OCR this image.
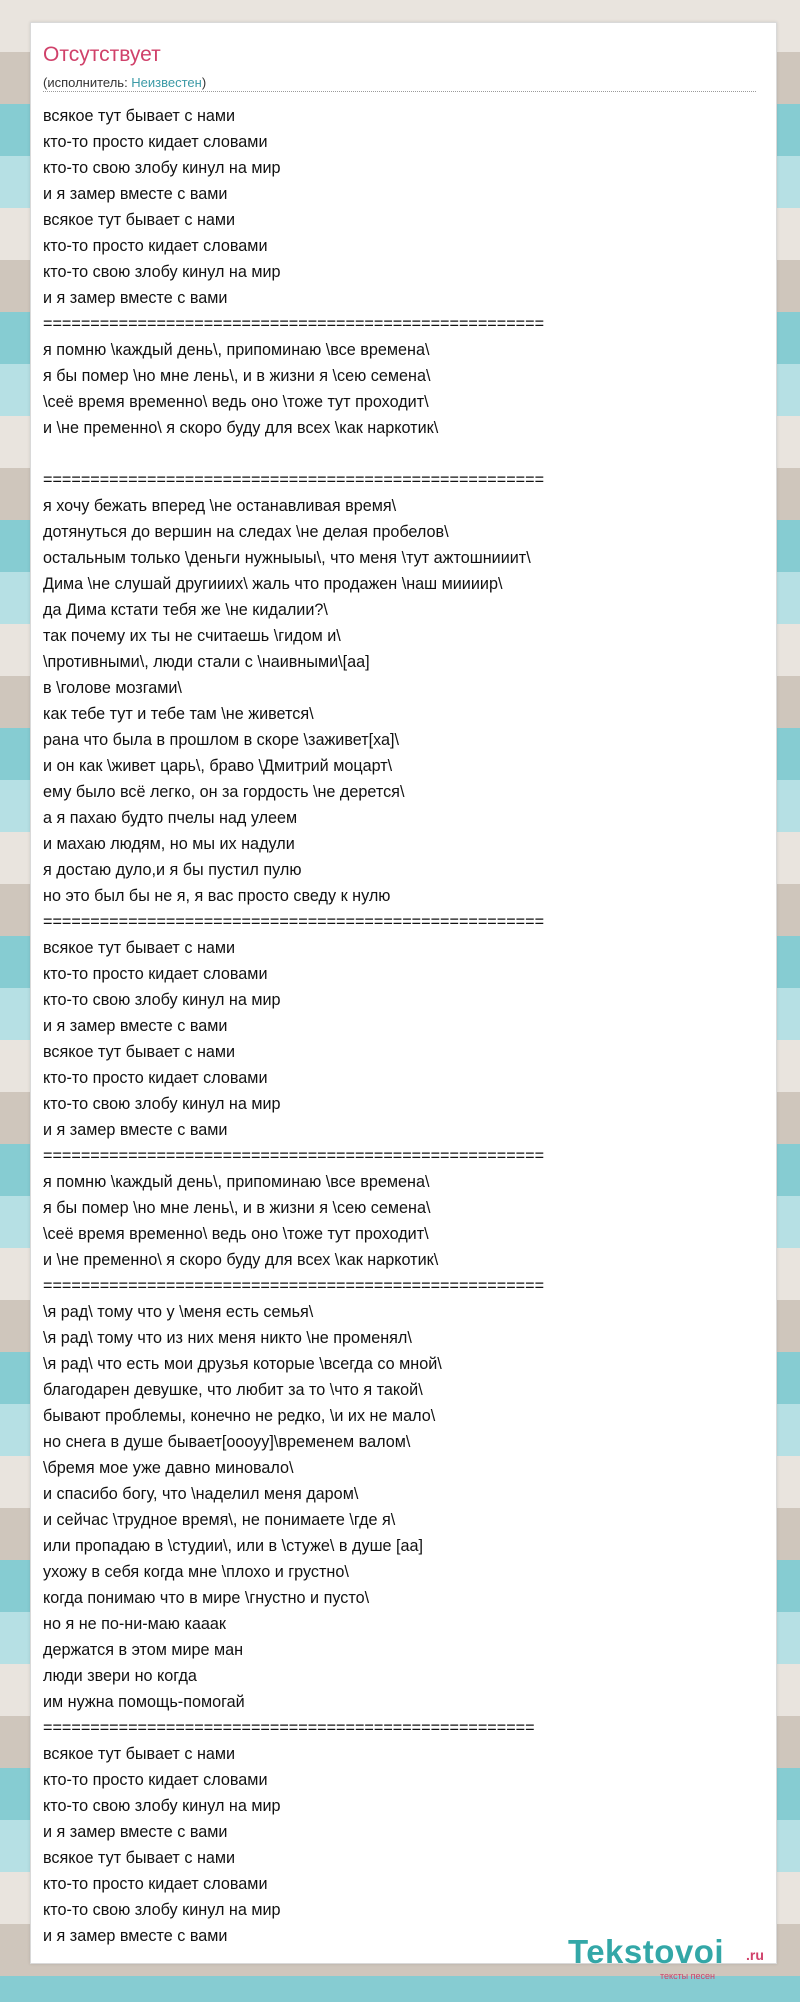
Отсутствует
(исполнитель: Неизвестен)
всякое тут бывает с нами
кто-то просто кидает словами
кто-то свою злобу кинул на мир
и я замер вместе с вами
всякое тут бывает с нами
кто-то просто кидает словами
кто-то свою злобу кинул на мир
и я замер вместе с вами
=====================================================
я помню \каждый день\, припоминаю \все времена\
я бы помер \но мне лень\, и в жизни я \сею семена\
\сеё время временно\ ведь оно \тоже тут проходит\
и \не пременно\ я скоро буду для всех \как наркотик\
=====================================================
я хочу бежать вперед \не останавливая время\
дотянуться до вершин на следах \не делая пробелов\
остальным только \деньги нужныыы\, что меня \тут ажтошнииит\
Дима \не слушай другииих\ жаль что продажен \наш миииир\
да Дима кстати тебя же \не кидалии?\
так почему их ты не считаешь \гидом и\
\противными\, люди стали с \наивными\[аа]
в \голове мозгами\
как тебе тут и тебе там \не живется\
рана что была в прошлом в скоре \заживет[ха]\
и он как \живет царь\, браво \Дмитрий моцарт\
ему было всё легко, он за гордость \не дерется\
а я пахаю будто пчелы над улеем
и махаю людям, но мы их надули
я достаю дуло,и я бы пустил пулю
но это был бы не я, я вас просто сведу к нулю
=====================================================
всякое тут бывает с нами
кто-то просто кидает словами
кто-то свою злобу кинул на мир
и я замер вместе с вами
всякое тут бывает с нами
кто-то просто кидает словами
кто-то свою злобу кинул на мир
и я замер вместе с вами
=====================================================
я помню \каждый день\, припоминаю \все времена\
я бы помер \но мне лень\, и в жизни я \сею семена\
\сеё время временно\ ведь оно \тоже тут проходит\
и \не пременно\ я скоро буду для всех \как наркотик\
=====================================================
\я рад\ тому что у \меня есть семья\
\я рад\ тому что из них меня никто \не променял\
\я рад\ что есть мои друзья которые \всегда со мной\
благодарен девушке, что любит за то \что я такой\
бывают проблемы, конечно не редко, \и их не мало\
но снега в душе бывает[оооуу]\временем валом\
\бремя мое уже давно миновало\
и спасибо богу, что \наделил меня даром\
и сейчас \трудное время\, не понимаете \где я\
или пропадаю в \студии\, или в \стуже\ в душе [аа]
ухожу в себя когда мне \плохо и грустно\
когда понимаю что в мире \гнустно и пусто\
но я не по-ни-маю кааак
держатся в этом мире ман
люди звери но когда
им нужна помощь-помогай
====================================================
всякое тут бывает с нами
кто-то просто кидает словами
кто-то свою злобу кинул на мир
и я замер вместе с вами
всякое тут бывает с нами
кто-то просто кидает словами
кто-то свою злобу кинул на мир
и я замер вместе с вами	Tekstovoi .ru
тексты песен
